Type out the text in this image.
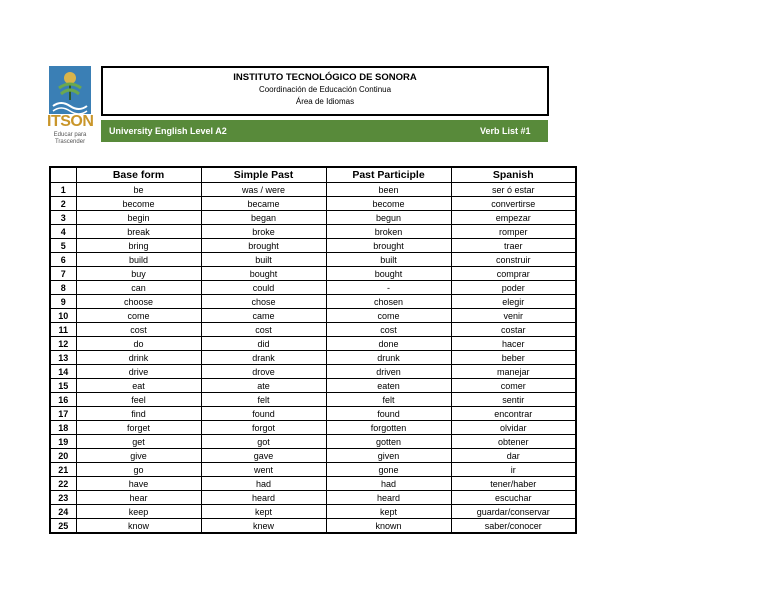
ITSON
Educar para
Trascender
INSTITUTO TECNOLÓGICO DE SONORA
Coordinación de Educación Continua
Área de Idiomas
University English Level A2	Verb List #1
	Base form	Simple Past	Past Participle	Spanish
1	be	was / were	been	ser ó estar
2	become	became	become	convertirse
3	begin	began	begun	empezar
4	break	broke	broken	romper
5	bring	brought	brought	traer
6	build	built	built	construir
7	buy	bought	bought	comprar
8	can	could	-	poder
9	choose	chose	chosen	elegir
10	come	came	come	venir
11	cost	cost	cost	costar
12	do	did	done	hacer
13	drink	drank	drunk	beber
14	drive	drove	driven	manejar
15	eat	ate	eaten	comer
16	feel	felt	felt	sentir
17	find	found	found	encontrar
18	forget	forgot	forgotten	olvidar
19	get	got	gotten	obtener
20	give	gave	given	dar
21	go	went	gone	ir
22	have	had	had	tener/haber
23	hear	heard	heard	escuchar
24	keep	kept	kept	guardar/conservar
25	know	knew	known	saber/conocer
